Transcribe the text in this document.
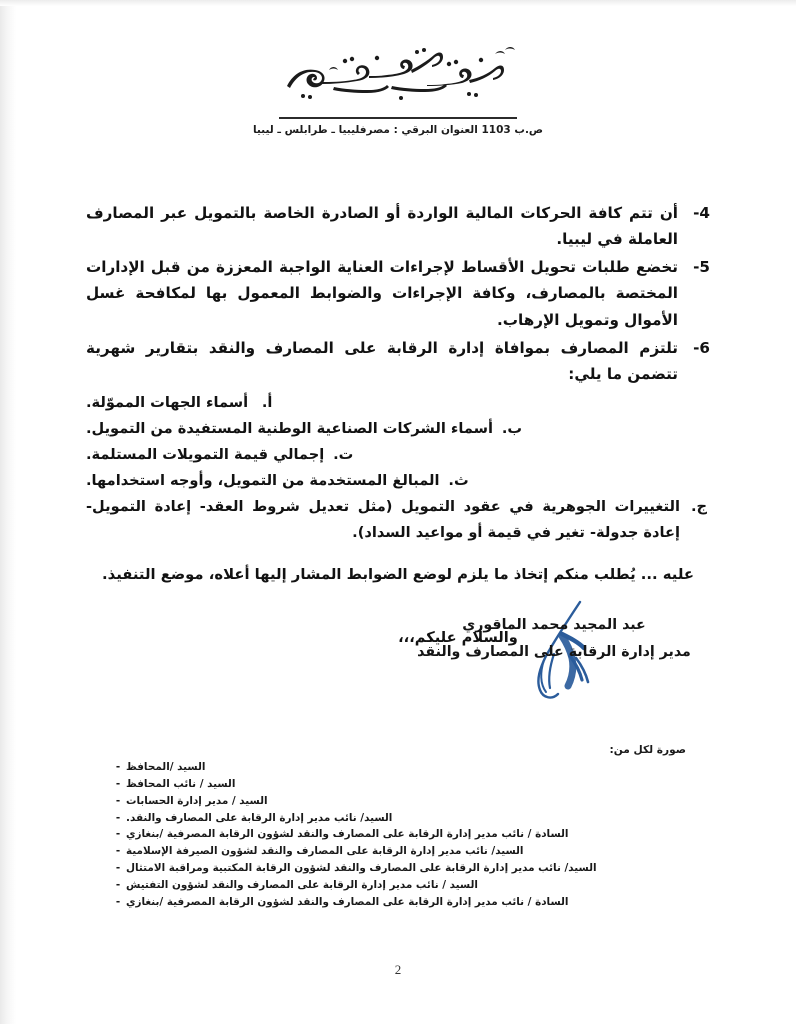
ص.ب 1103 العنوان البرقي : مصرفليبيا ـ طرابلس ـ ليبيا
-4
أن تتم كافة الحركات المالية الواردة أو الصادرة الخاصة بالتمويل عبر المصارف العاملة في ليبيا.
-5
تخضع طلبات تحويل الأقساط لإجراءات العناية الواجبة المعززة من قبل الإدارات المختصة بالمصارف، وكافة الإجراءات والضوابط المعمول بها لمكافحة غسل الأموال وتمويل الإرهاب.
-6
تلتزم المصارف بموافاة إدارة الرقابة على المصارف والنقد بتقارير شهرية تتضمن ما يلي:
أ.
أسماء الجهات المموّلة.
ب.
أسماء الشركات الصناعية الوطنية المستفيدة من التمويل.
ت.
إجمالي قيمة التمويلات المستلمة.
ث.
المبالغ المستخدمة من التمويل، وأوجه استخدامها.
ج.
التغييرات الجوهرية في عقود التمويل (مثل تعديل شروط العقد- إعادة التمويل- إعادة جدولة- تغير في قيمة أو مواعيد السداد).
عليه ... يُطلب منكم إتخاذ ما يلزم لوضع الضوابط المشار إليها أعلاه، موضع التنفيذ.
والسلام عليكم،،،
عبد المجيد محمد الماقوري
مدير إدارة الرقابة على المصارف والنقد
صورة لكل من:
السيد /المحافظ
-
السيد / نائب المحافظ
-
السيد / مدير إدارة الحسابات
-
السيد/ نائب مدير إدارة الرقابة على المصارف والنقد.
-
السادة / نائب مدير إدارة الرقابة على المصارف والنقد لشؤون الرقابة المصرفية /بنغازي
-
السيد/ نائب مدير إدارة الرقابة على المصارف والنقد لشؤون الصيرفة الإسلامية
-
السيد/ نائب مدير إدارة الرقابة على المصارف والنقد لشؤون الرقابة المكتبية ومراقبة الامتثال
-
السيد / نائب مدير إدارة الرقابة على المصارف والنقد لشؤون التفتيش
-
السادة / نائب مدير إدارة الرقابة على المصارف والنقد لشؤون الرقابة المصرفية /بنغازي
-
2
